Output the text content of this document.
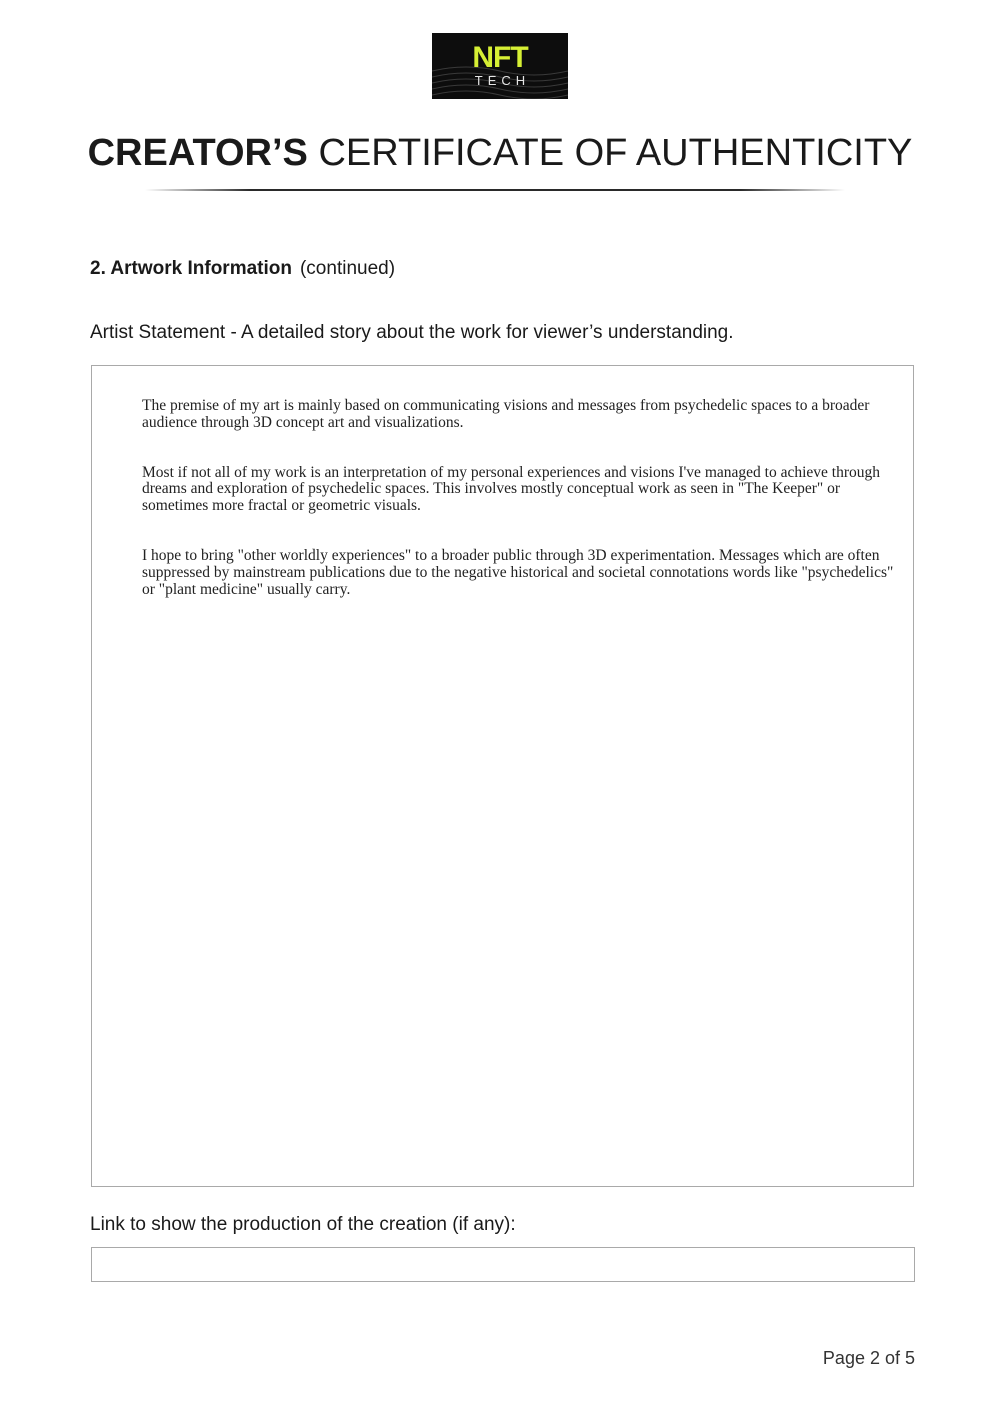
NFT
TECH
CREATOR’S CERTIFICATE OF AUTHENTICITY
2. Artwork Information (continued)
Artist Statement - A detailed story about the work for viewer’s understanding.

The premise of my art is mainly based on communicating visions and messages from psychedelic spaces to a broader audience through 3D concept art and visualizations.

Most if not all of my work is an interpretation of my personal experiences and visions I've managed to achieve through dreams and exploration of psychedelic spaces. This involves mostly conceptual work as seen in "The Keeper" or sometimes more fractal or geometric visuals.

I hope to bring "other worldly experiences" to a broader public through 3D experimentation. Messages which are often suppressed by mainstream publications due to the negative historical and societal connotations words like "psychedelics" or "plant medicine" usually carry.

Link to show the production of the creation (if any):
Page 2 of 5
